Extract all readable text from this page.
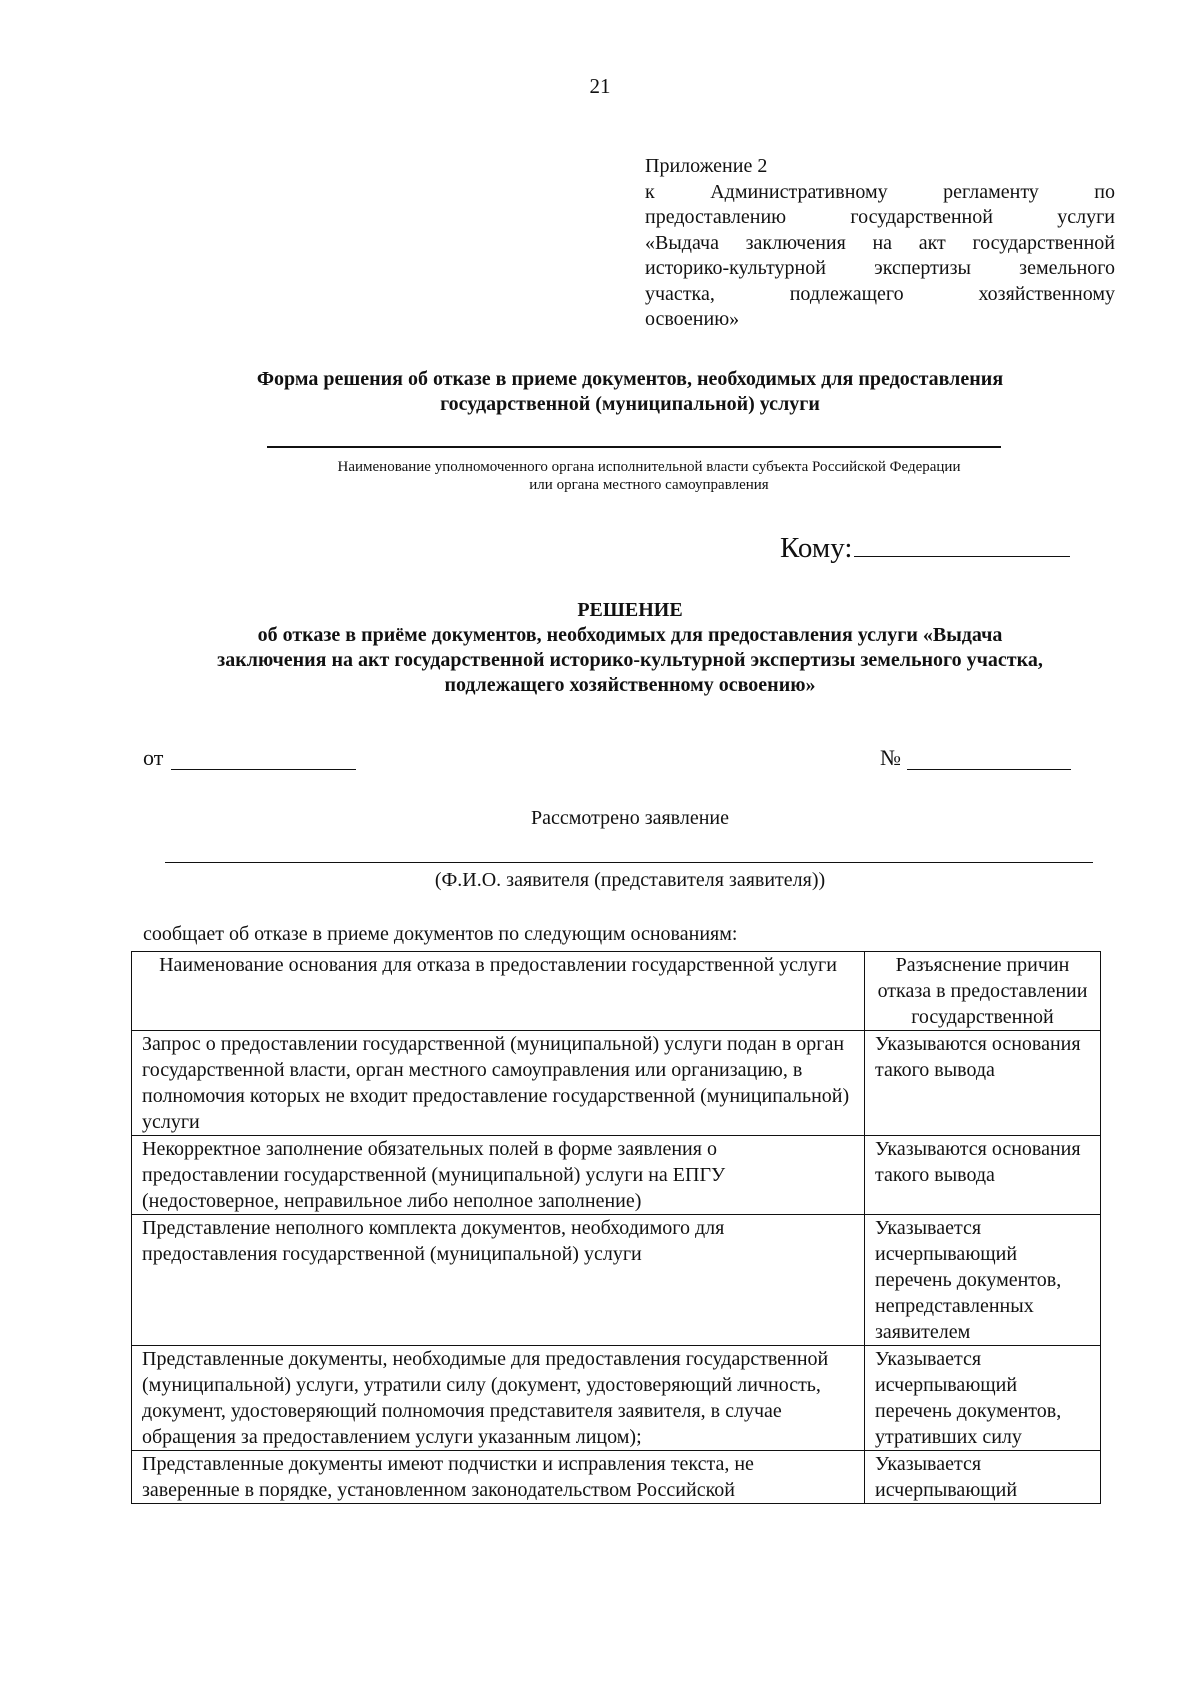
21
Приложение 2
к Административному регламенту по
предоставлению государственной услуги
«Выдача заключения на акт государственной
историко-культурной экспертизы земельного
участка, подлежащего хозяйственному
освоению»
Форма решения об отказе в приеме документов, необходимых для предоставления
государственной (муниципальной) услуги
Наименование уполномоченного органа исполнительной власти субъекта Российской Федерации
или органа местного самоуправления
Кому:
РЕШЕНИЕ
об отказе в приёме документов, необходимых для предоставления услуги «Выдача
заключения на акт государственной историко-культурной экспертизы земельного участка,
подлежащего хозяйственному освоению»
от	№
Рассмотрено заявление
(Ф.И.О. заявителя (представителя заявителя))
сообщает об отказе в приеме документов по следующим основаниям:
Наименование основания для отказа в предоставлении государственной услуги	Разъяснение причин отказа в предоставлении государственной
Запрос о предоставлении государственной (муниципальной) услуги подан в орган государственной власти, орган местного самоуправления или организацию, в полномочия которых не входит предоставление государственной (муниципальной) услуги	Указываются основания такого вывода
Некорректное заполнение обязательных полей в форме заявления о предоставлении государственной (муниципальной) услуги на ЕПГУ (недостоверное, неправильное либо неполное заполнение)	Указываются основания такого вывода
Представление неполного комплекта документов, необходимого для предоставления государственной (муниципальной) услуги	Указывается исчерпывающий перечень документов, непредставленных заявителем
Представленные документы, необходимые для предоставления государственной (муниципальной) услуги, утратили силу (документ, удостоверяющий личность, документ, удостоверяющий полномочия представителя заявителя, в случае обращения за предоставлением услуги указанным лицом);	Указывается исчерпывающий перечень документов, утративших силу
Представленные документы имеют подчистки и исправления текста, не заверенные в порядке, установленном законодательством Российской	Указывается исчерпывающий
